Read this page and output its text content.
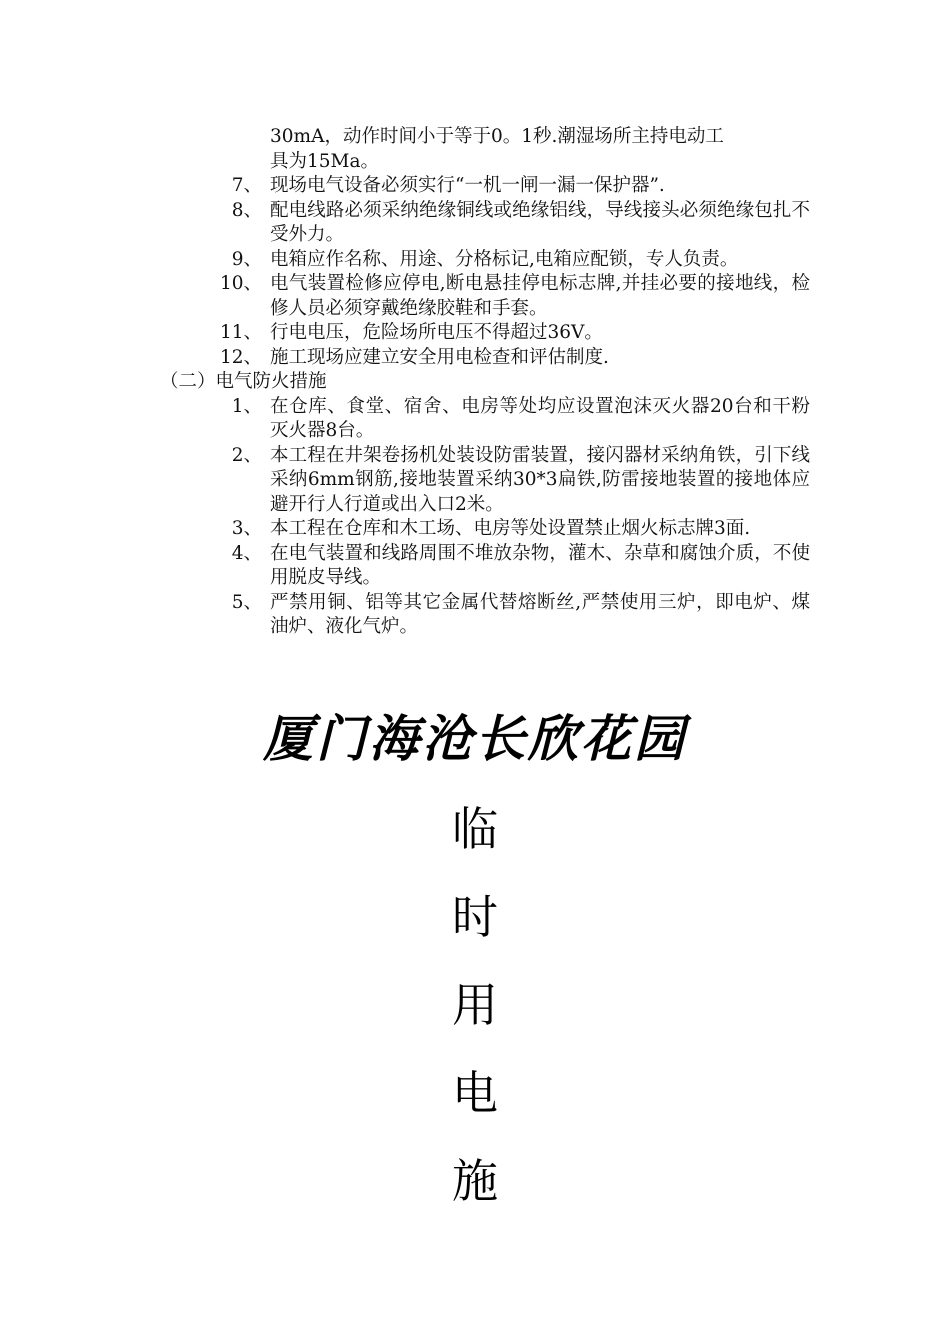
30mA，动作时间小于等于0。1秒.潮湿场所主持电动工
具为15Ma。
7、 现场电气设备必须实行“一机一闸一漏一保护器”.
8、 配电线路必须采纳绝缘铜线或绝缘铝线，导线接头必须绝缘包扎不受外力。
9、 电箱应作名称、用途、分格标记,电箱应配锁，专人负责。
10、 电气装置检修应停电,断电悬挂停电标志牌,并挂必要的接地线，检修人员必须穿戴绝缘胶鞋和手套。
11、 行电电压，危险场所电压不得超过36V。
12、 施工现场应建立安全用电检查和评估制度.
（二）电气防火措施
1、 在仓库、食堂、宿舍、电房等处均应设置泡沫灭火器20台和干粉灭火器8台。
2、 本工程在井架卷扬机处装设防雷装置，接闪器材采纳角铁，引下线采纳6mm钢筋,接地装置采纳30*3扁铁,防雷接地装置的接地体应避开行人行道或出入口2米。
3、 本工程在仓库和木工场、电房等处设置禁止烟火标志牌3面.
4、 在电气装置和线路周围不堆放杂物，灌木、杂草和腐蚀介质，不使用脱皮导线。
5、 严禁用铜、铝等其它金属代替熔断丝,严禁使用三炉，即电炉、煤油炉、液化气炉。
厦门海沧长欣花园
临
时
用
电
施
